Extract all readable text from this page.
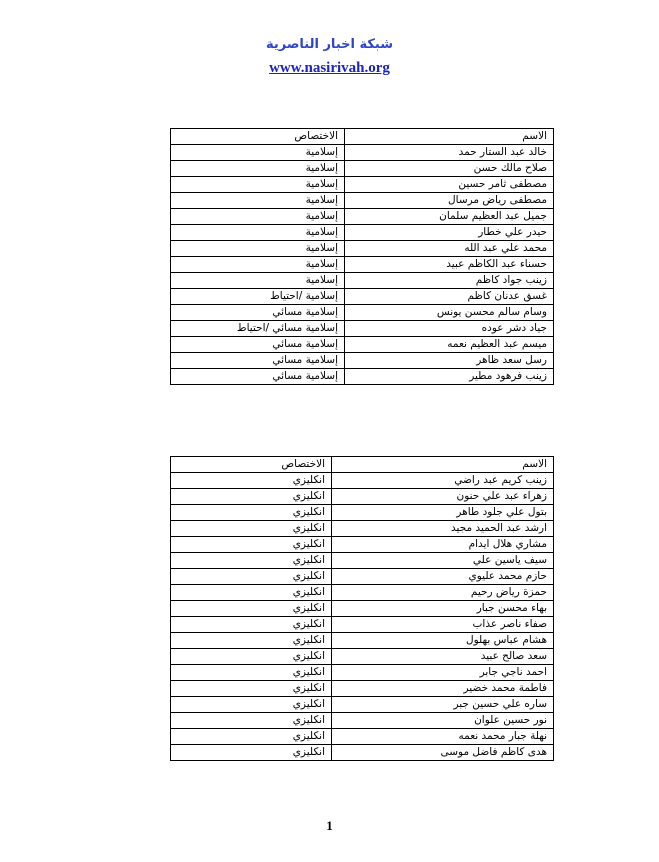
شبكة اخبار الناصرية
www.nasirivah.org
الاسم	الاختصاص
خالد عبد الستار حمد	إسلامية
صلاح مالك حسن	إسلامية
مصطفى ثامر حسين	إسلامية
مصطفى رياض مرسال	إسلامية
جميل عبد العظيم سلمان	إسلامية
حيدر علي خطار	إسلامية
محمد علي عبد الله	إسلامية
حسناء عبد الكاظم عبيد	إسلامية
زينب جواد كاظم	إسلامية
غسق عدنان كاظم	إسلامية /احتياط
وسام سالم محسن يونس	إسلامية مسائي
جياد دشر عوده	إسلامية مسائي /احتياط
ميسم عبد العظيم نعمه	إسلامية مسائي
رسل سعد ظاهر	إسلامية مسائي
زينب فرهود مطير	إسلامية مسائي
الاسم	الاختصاص
زينب كريم عبد راضي	انكليزي
زهراء عبد علي حنون	انكليزي
بتول علي جلود طاهر	انكليزي
ارشد عبد الحميد مجيد	انكليزي
مشاري هلال ايدام	انكليزي
سيف ياسين علي	انكليزي
حازم محمد عليوي	انكليزي
حمزة رياض رحيم	انكليزي
بهاء محسن جبار	انكليزي
صفاء ناصر عذاب	انكليزي
هشام عباس بهلول	انكليزي
سعد صالح عبيد	انكليزي
احمد ناجي جابر	انكليزي
فاطمة محمد خضير	انكليزي
ساره علي حسين جبر	انكليزي
نور حسين علوان	انكليزي
نهلة جبار محمد نعمه	انكليزي
هدى كاظم فاضل موسى	انكليزي
1
